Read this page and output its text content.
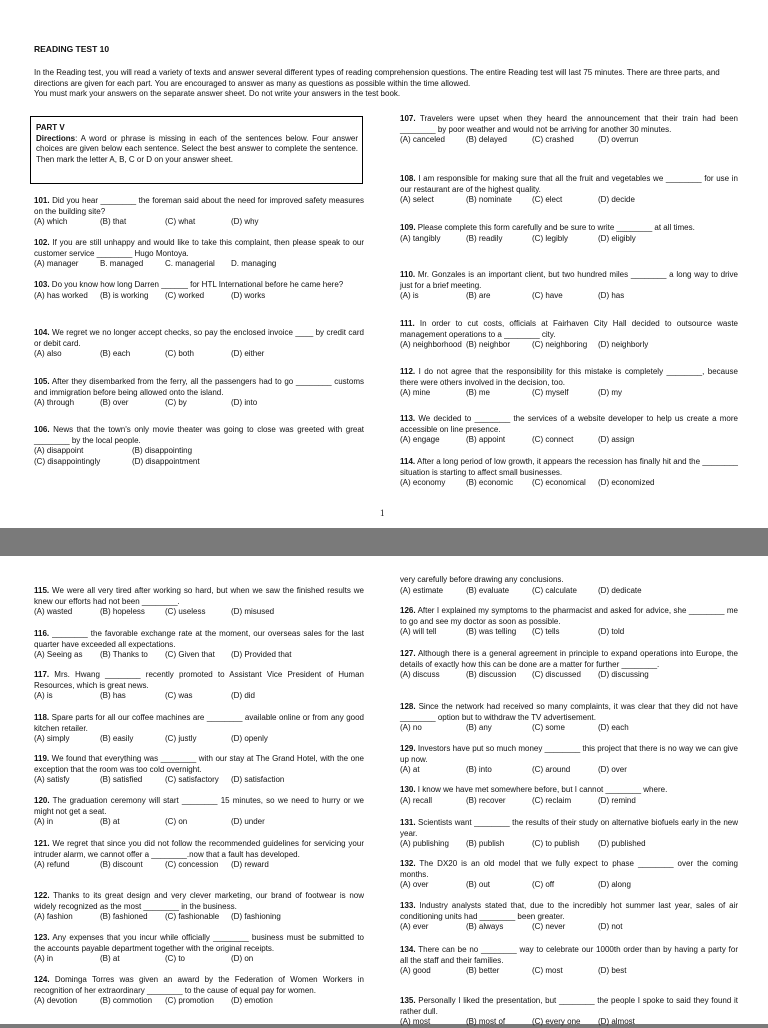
READING TEST 10

In the Reading test, you will read a variety of texts and answer several different types of reading comprehension questions. The entire Reading test will last 75 minutes. There are three parts, and directions are given for each part. You are encouraged to answer as many as questions as possible within the time allowed.

You must mark your answers on the separate answer sheet. Do not write your answers in the test book.

PART V
Directions: A word or phrase is missing in each of the sentences below. Four answer choices are given below each sentence. Select the best answer to complete the sentence. Then mark the letter A, B, C or D on your answer sheet.
101. Did you hear ________ the foreman said about the need for improved safety measures on the building site?
(A) which	(B) that	(C) what	(D) why
102. If you are still unhappy and would like to take this complaint, then please speak to our customer service ________ Hugo Montoya.
(A) manager	B. managed	C. managerial D. managing
103. Do you know how long Darren ______ for HTL International before he came here?
(A) has worked (B) is working (C) worked	(D) works
104. We regret we no longer accept checks, so pay the enclosed invoice ____ by credit card or debit card.
(A) also	(B) each	(C) both	(D) either
105. After they disembarked from the ferry, all the passengers had to go ________ customs and immigration before being allowed onto the island.
(A) through	(B) over	(C) by	(D) into
106. News that the town's only movie theater was going to close was greeted with great ________ by the local people.
(A) disappoint	(B) disappointing
(C) disappointingly	(D) disappointment
107. Travelers were upset when they heard the announcement that their train had been ________ by poor weather and would not be arriving for another 30 minutes.
(A) canceled	(B) delayed	(C) crashed	(D) overrun
108. I am responsible for making sure that all the fruit and vegetables we ________ for use in our restaurant are of the highest quality.
(A) select	(B) nominate	(C) elect	(D) decide
109. Please complete this form carefully and be sure to write ________ at all times.
(A) tangibly	(B) readily	(C) legibly	(D) eligibly
110. Mr. Gonzales is an important client, but two hundred miles ________ a long way to drive just for a brief meeting.
(A) is	(B) are	(C) have	(D) has
111. In order to cut costs, officials at Fairhaven City Hall decided to outsource waste management operations to a ________ city.
(A) neighborhood (B) neighbor	(C) neighboring (D) neighborly
112. I do not agree that the responsibility for this mistake is completely ________, because there were others involved in the decision, too.
(A) mine	(B) me	(C) myself	(D) my
113. We decided to ________ the services of a website developer to help us create a more accessible on line presence.
(A) engage	(B) appoint	(C) connect	(D) assign
114. After a long period of low growth, it appears the recession has finally hit and the ________ situation is starting to affect small businesses.
(A) economy	(B) economic (C) economical (D) economized
1
115. We were all very tired after working so hard, but when we saw the finished results we knew our efforts had not been ________.
(A) wasted	(B) hopeless	(C) useless	(D) misused
116. ________ the favorable exchange rate at the moment, our overseas sales for the last quarter have exceeded all expectations.
(A) Seeing as (B) Thanks to (C) Given that (D) Provided that
117. Mrs. Hwang ________ recently promoted to Assistant Vice President of Human Resources, which is great news.
(A) is	(B) has	(C) was	(D) did
118. Spare parts for all our coffee machines are ________ available online or from any good kitchen retailer.
(A) simply	(B) easily	(C) justly	(D) openly
119. We found that everything was ________ with our stay at The Grand Hotel, with the one exception that the room was too cold overnight.
(A) satisfy	(B) satisfied	(C) satisfactory (D) satisfaction
120. The graduation ceremony will start ________ 15 minutes, so we need to hurry or we might not get a seat.
(A) in	(B) at	(C) on	(D) under
121. We regret that since you did not follow the recommended guidelines for servicing your intruder alarm, we cannot offer a ________.now that a fault has developed.
(A) refund	(B) discount	(C) concession (D) reward
122. Thanks to its great design and very clever marketing, our brand of footwear is now widely recognized as the most ________ in the business.
(A) fashion	(B) fashioned (C) fashionable (D) fashioning
123. Any expenses that you incur while officially ________ business must be submitted to the accounts payable department together with the original receipts.
(A) in	(B) at	(C) to	(D) on
124. Dominga Torres was given an award by the Federation of Women Workers in recognition of her extraordinary ________ to the cause of equal pay for women.
(A) devotion	(B) commotion (C) promotion (D) emotion
very carefully before drawing any conclusions.
(A) estimate	(B) evaluate	(C) calculate	(D) dedicate
126. After I explained my symptoms to the pharmacist and asked for advice, she ________ me to go and see my doctor as soon as possible.
(A) will tell	(B) was telling (C) tells	(D) told
127. Although there is a general agreement in principle to expand operations into Europe, the details of exactly how this can be done are a matter for further ________.
(A) discuss	(B) discussion (C) discussed (D) discussing
128. Since the network had received so many complaints, it was clear that they did not have ________ option but to withdraw the TV advertisement.
(A) no	(B) any	(C) some	(D) each
129. Investors have put so much money ________ this project that there is no way we can give up now.
(A) at	(B) into	(C) around	(D) over
130. I know we have met somewhere before, but I cannot ________ where.
(A) recall	(B) recover	(C) reclaim	(D) remind
131. Scientists want ________ the results of their study on alternative biofuels early in the new year.
(A) publishing (B) publish	(C) to publish (D) published
132. The DX20 is an old model that we fully expect to phase ________ over the coming months.
(A) over	(B) out	(C) off	(D) along
133. Industry analysts stated that, due to the incredibly hot summer last year, sales of air conditioning units had ________ been greater.
(A) ever	(B) always	(C) never	(D) not
134. There can be no ________ way to celebrate our 1000th order than by having a party for all the staff and their families.
(A) good	(B) better	(C) most	(D) best
135. Personally I liked the presentation, but ________ the people I spoke to said they found it rather dull.
(A) most	(B) most of	(C) every one (D) almost
